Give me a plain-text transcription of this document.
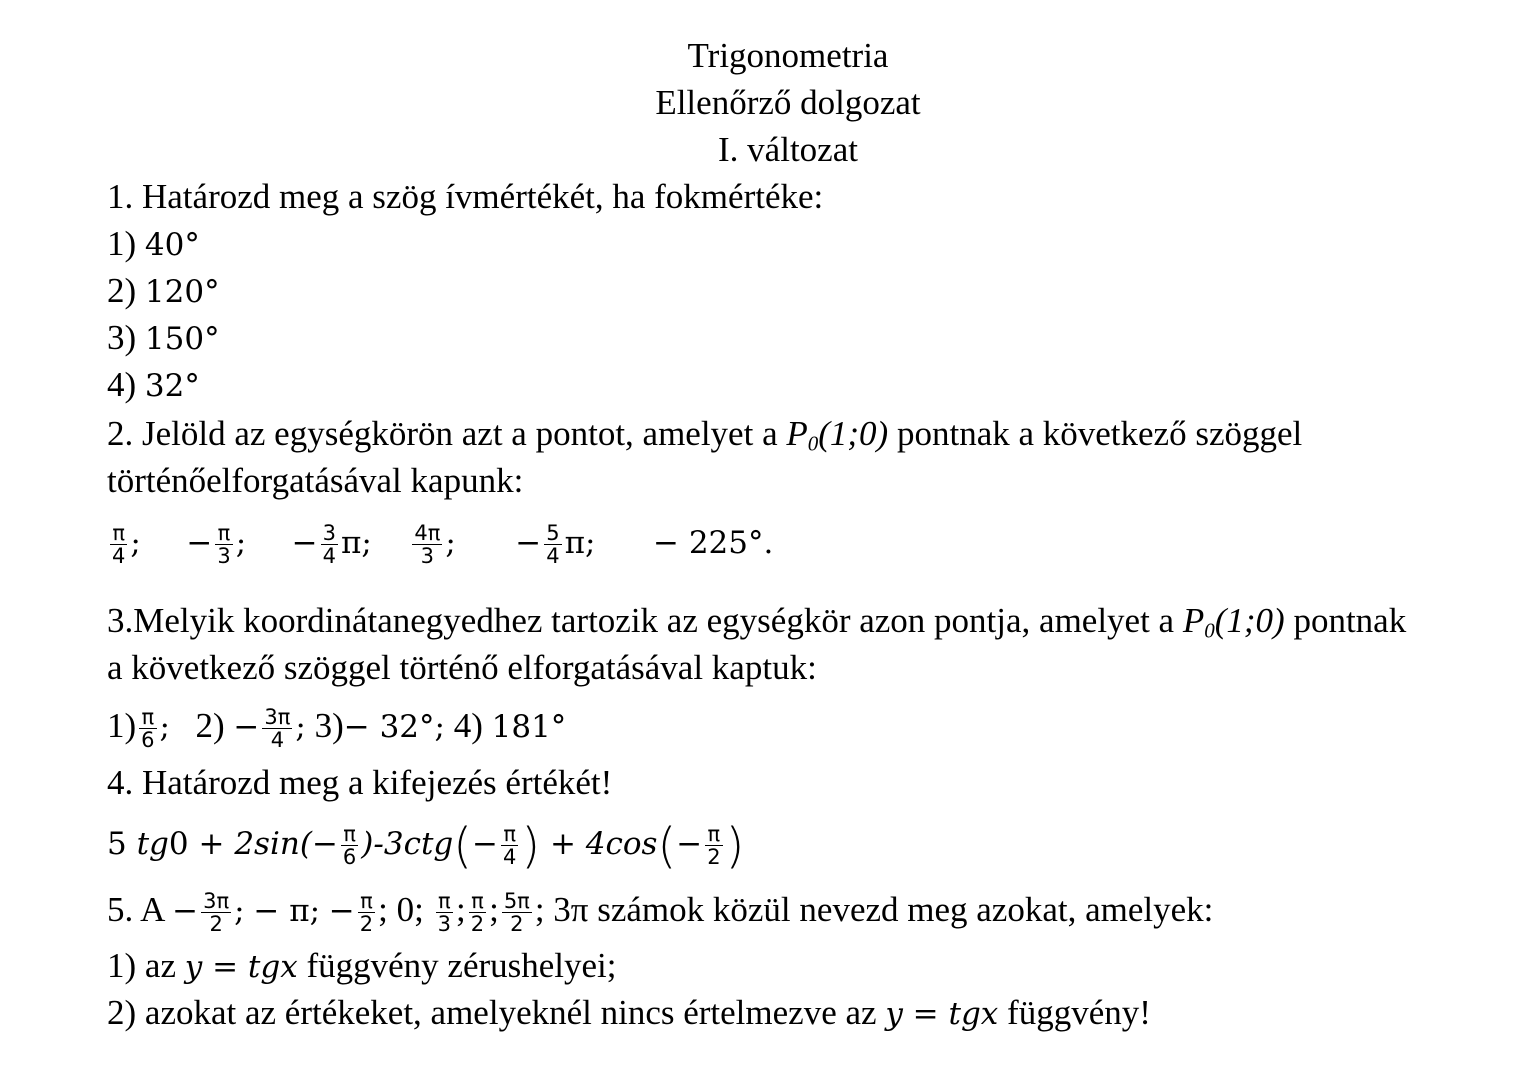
Trigonometria
Ellenőrző dolgozat
I. változat
1. Határozd meg a szög ívmértékét, ha fokmértéke:
1) 40°
2) 120°
3) 150°
4) 32°
2. Jelöld az egységkörön azt a pontot, amelyet a $P_0(1;0)$ pontnak a következő szöggel
történőelforgatásával kapunk:
$\frac{\pi}{4}$ ; − $\frac{\pi}{3}$ ; − $\frac{3}{4} \pi$; $\frac{4\pi}{3}$ ; − $\frac{5}{4} \pi$; − 225°.
3.Melyik koordinátanegyedhez tartozik az egységkör azon pontja, amelyet a $P_0(1;0)$ pontnak
a következő szöggel történő elforgatásával kaptuk:
$1) \frac{\pi}{6}$ ; $2) - \frac{3\pi}{4}$ ; 3)− 32°; 4) 181°
4. Határozd meg a kifejezés értékét!
5 $tg0 + 2\sin(- \frac{\pi}{6} )-3ctg(- \frac{\pi}{4}$ ) + $4\cos(- \frac{\pi}{2}$ )
5. $A - \frac{3\pi}{2}$ ; − π; − $\frac{\pi}{2}$ ; 0; $\frac{\pi}{3}$ ; $\frac{\pi}{2}$ ; $\frac{5\pi}{2}$ ; 3π számok közül nevezd meg azokat, amelyek:
1) az y = tgx függvény zérushelyei;
2) azokat az értékeket, amelyeknél nincs értelmezve az y = tgx függvény!
